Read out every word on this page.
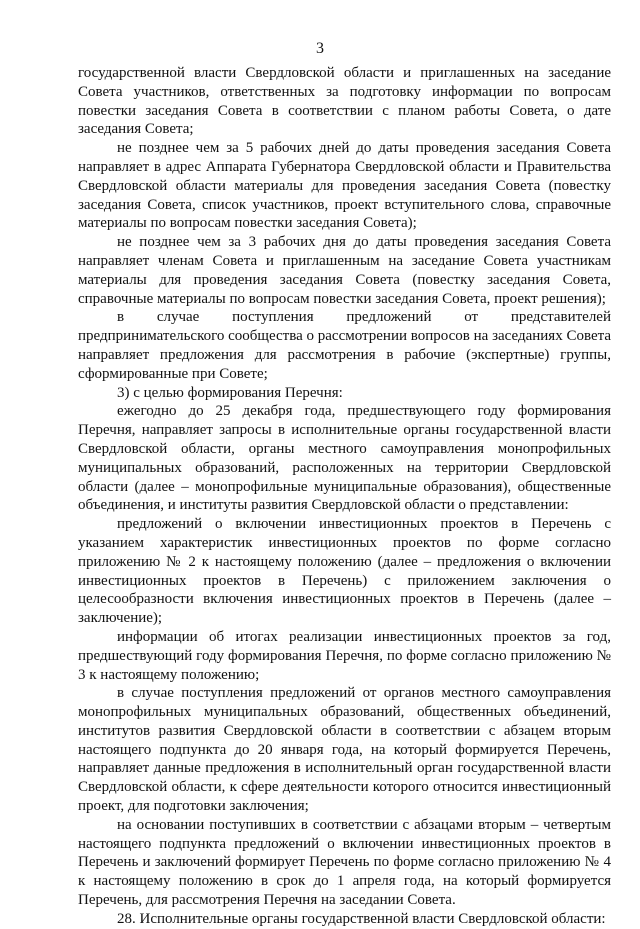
3

государственной власти Свердловской области и приглашенных на заседание Совета участников, ответственных за подготовку информации по вопросам повестки заседания Совета в соответствии с планом работы Совета, о дате заседания Совета;

не позднее чем за 5 рабочих дней до даты проведения заседания Совета направляет в адрес Аппарата Губернатора Свердловской области и Правительства Свердловской области материалы для проведения заседания Совета (повестку заседания Совета, список участников, проект вступительного слова, справочные материалы по вопросам повестки заседания Совета);

не позднее чем за 3 рабочих дня до даты проведения заседания Совета направляет членам Совета и приглашенным на заседание Совета участникам материалы для проведения заседания Совета (повестку заседания Совета, справочные материалы по вопросам повестки заседания Совета, проект решения);

в случае поступления предложений от представителей предпринимательского сообщества о рассмотрении вопросов на заседаниях Совета направляет предложения для рассмотрения в рабочие (экспертные) группы, сформированные при Совете;

3) с целью формирования Перечня:

ежегодно до 25 декабря года, предшествующего году формирования Перечня, направляет запросы в исполнительные органы государственной власти Свердловской области, органы местного самоуправления монопрофильных муниципальных образований, расположенных на территории Свердловской области (далее – монопрофильные муниципальные образования), общественные объединения, и институты развития Свердловской области о представлении:

предложений о включении инвестиционных проектов в Перечень с указанием характеристик инвестиционных проектов по форме согласно приложению № 2 к настоящему положению (далее – предложения о включении инвестиционных проектов в Перечень) с приложением заключения о целесообразности включения инвестиционных проектов в Перечень (далее – заключение);

информации об итогах реализации инвестиционных проектов за год, предшествующий году формирования Перечня, по форме согласно приложению № 3 к настоящему положению;

в случае поступления предложений от органов местного самоуправления монопрофильных муниципальных образований, общественных объединений, институтов развития Свердловской области в соответствии с абзацем вторым настоящего подпункта до 20 января года, на который формируется Перечень, направляет данные предложения в исполнительный орган государственной власти Свердловской области, к сфере деятельности которого относится инвестиционный проект, для подготовки заключения;

на основании поступивших в соответствии с абзацами вторым – четвертым настоящего подпункта предложений о включении инвестиционных проектов в Перечень и заключений формирует Перечень по форме согласно приложению № 4 к настоящему положению в срок до 1 апреля года, на который формируется Перечень, для рассмотрения Перечня на заседании Совета.

28. Исполнительные органы государственной власти Свердловской области:
